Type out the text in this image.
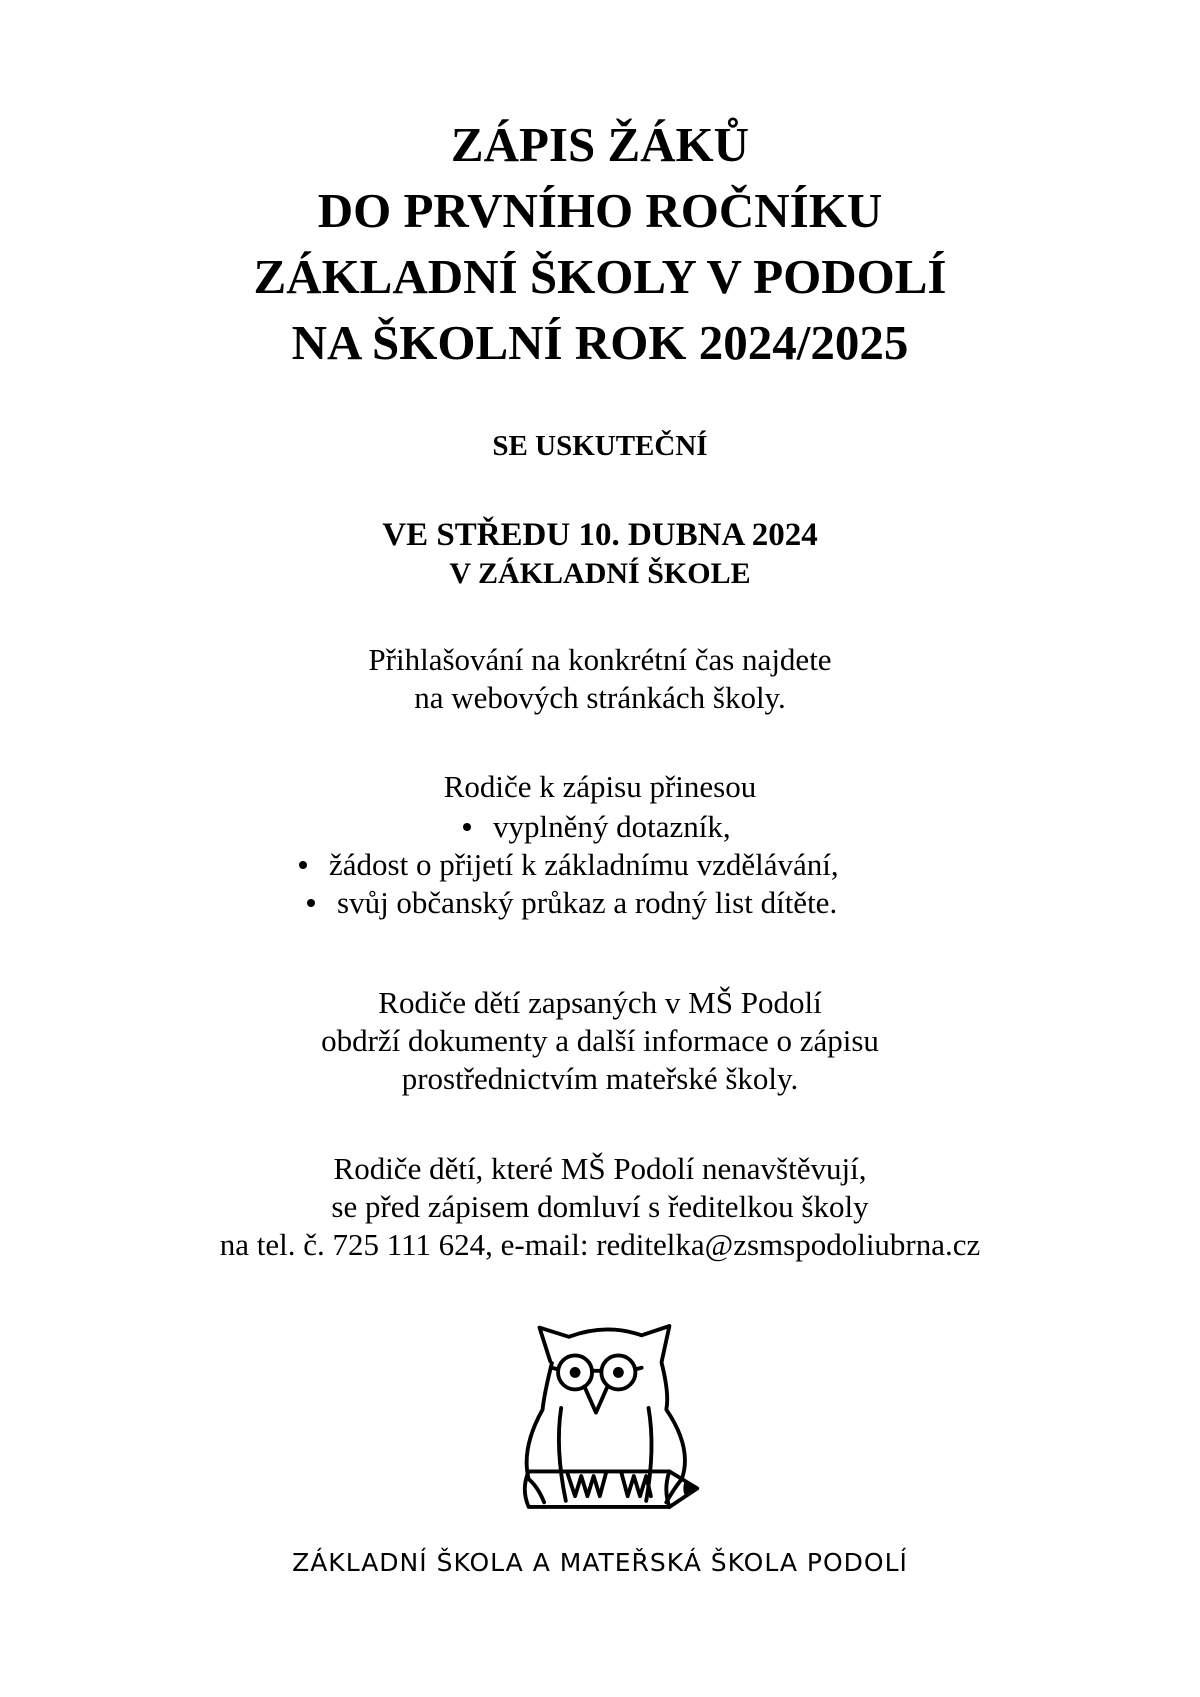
ZÁPIS ŽÁKŮ
DO PRVNÍHO ROČNÍKU
ZÁKLADNÍ ŠKOLY V PODOLÍ
NA ŠKOLNÍ ROK 2024/2025
SE USKUTEČNÍ
VE STŘEDU 10. DUBNA 2024
V ZÁKLADNÍ ŠKOLE
Přihlašování na konkrétní čas najdete
na webových stránkách školy.
Rodiče k zápisu přinesou
vyplněný dotazník,
žádost o přijetí k základnímu vzdělávání,
svůj občanský průkaz a rodný list dítěte.
Rodiče dětí zapsaných v MŠ Podolí
obdrží dokumenty a další informace o zápisu
prostřednictvím mateřské školy.
Rodiče dětí, které MŠ Podolí nenavštěvují,
se před zápisem domluví s ředitelkou školy
na tel. č. 725 111 624, e-mail: reditelka@zsmspodoliubrna.cz
ZÁKLADNÍ ŠKOLA A MATEŘSKÁ ŠKOLA PODOLÍ
